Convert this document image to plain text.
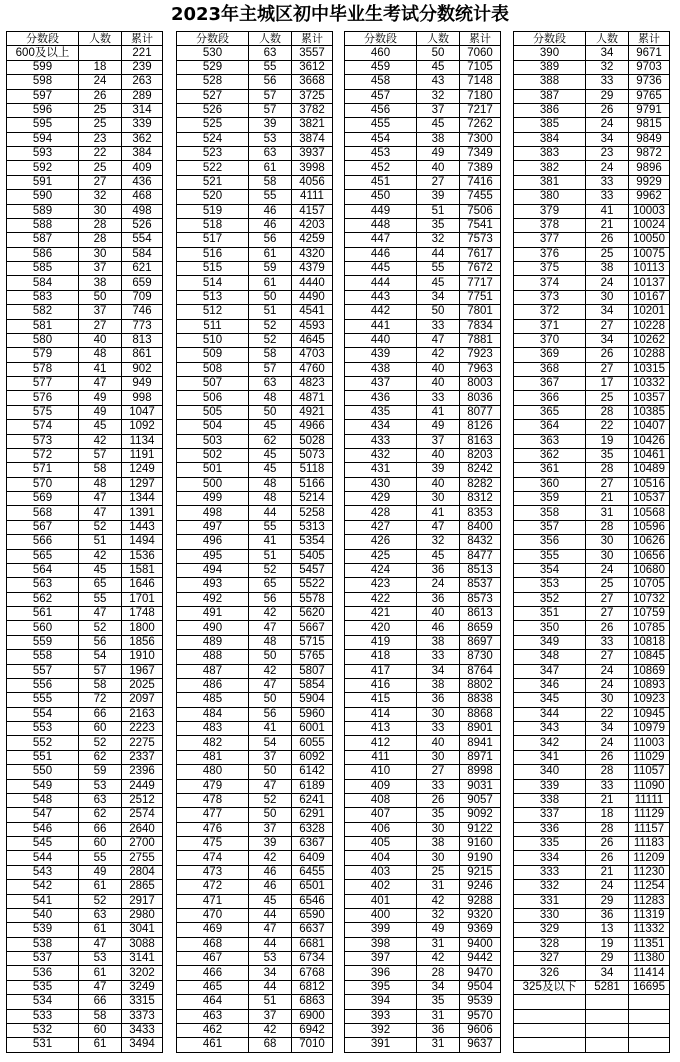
2023年主城区初中毕业生考试分数统计表
分数段	人数	累计
600及以上		221
599	18	239
598	24	263
597	26	289
596	25	314
595	25	339
594	23	362
593	22	384
592	25	409
591	27	436
590	32	468
589	30	498
588	28	526
587	28	554
586	30	584
585	37	621
584	38	659
583	50	709
582	37	746
581	27	773
580	40	813
579	48	861
578	41	902
577	47	949
576	49	998
575	49	1047
574	45	1092
573	42	1134
572	57	1191
571	58	1249
570	48	1297
569	47	1344
568	47	1391
567	52	1443
566	51	1494
565	42	1536
564	45	1581
563	65	1646
562	55	1701
561	47	1748
560	52	1800
559	56	1856
558	54	1910
557	57	1967
556	58	2025
555	72	2097
554	66	2163
553	60	2223
552	52	2275
551	62	2337
550	59	2396
549	53	2449
548	63	2512
547	62	2574
546	66	2640
545	60	2700
544	55	2755
543	49	2804
542	61	2865
541	52	2917
540	63	2980
539	61	3041
538	47	3088
537	53	3141
536	61	3202
535	47	3249
534	66	3315
533	58	3373
532	60	3433
531	61	3494
分数段	人数	累计
530	63	3557
529	55	3612
528	56	3668
527	57	3725
526	57	3782
525	39	3821
524	53	3874
523	63	3937
522	61	3998
521	58	4056
520	55	4111
519	46	4157
518	46	4203
517	56	4259
516	61	4320
515	59	4379
514	61	4440
513	50	4490
512	51	4541
511	52	4593
510	52	4645
509	58	4703
508	57	4760
507	63	4823
506	48	4871
505	50	4921
504	45	4966
503	62	5028
502	45	5073
501	45	5118
500	48	5166
499	48	5214
498	44	5258
497	55	5313
496	41	5354
495	51	5405
494	52	5457
493	65	5522
492	56	5578
491	42	5620
490	47	5667
489	48	5715
488	50	5765
487	42	5807
486	47	5854
485	50	5904
484	56	5960
483	41	6001
482	54	6055
481	37	6092
480	50	6142
479	47	6189
478	52	6241
477	50	6291
476	37	6328
475	39	6367
474	42	6409
473	46	6455
472	46	6501
471	45	6546
470	44	6590
469	47	6637
468	44	6681
467	53	6734
466	34	6768
465	44	6812
464	51	6863
463	37	6900
462	42	6942
461	68	7010
分数段	人数	累计
460	50	7060
459	45	7105
458	43	7148
457	32	7180
456	37	7217
455	45	7262
454	38	7300
453	49	7349
452	40	7389
451	27	7416
450	39	7455
449	51	7506
448	35	7541
447	32	7573
446	44	7617
445	55	7672
444	45	7717
443	34	7751
442	50	7801
441	33	7834
440	47	7881
439	42	7923
438	40	7963
437	40	8003
436	33	8036
435	41	8077
434	49	8126
433	37	8163
432	40	8203
431	39	8242
430	40	8282
429	30	8312
428	41	8353
427	47	8400
426	32	8432
425	45	8477
424	36	8513
423	24	8537
422	36	8573
421	40	8613
420	46	8659
419	38	8697
418	33	8730
417	34	8764
416	38	8802
415	36	8838
414	30	8868
413	33	8901
412	40	8941
411	30	8971
410	27	8998
409	33	9031
408	26	9057
407	35	9092
406	30	9122
405	38	9160
404	30	9190
403	25	9215
402	31	9246
401	42	9288
400	32	9320
399	49	9369
398	31	9400
397	42	9442
396	28	9470
395	34	9504
394	35	9539
393	31	9570
392	36	9606
391	31	9637
分数段	人数	累计
390	34	9671
389	32	9703
388	33	9736
387	29	9765
386	26	9791
385	24	9815
384	34	9849
383	23	9872
382	24	9896
381	33	9929
380	33	9962
379	41	10003
378	21	10024
377	26	10050
376	25	10075
375	38	10113
374	24	10137
373	30	10167
372	34	10201
371	27	10228
370	34	10262
369	26	10288
368	27	10315
367	17	10332
366	25	10357
365	28	10385
364	22	10407
363	19	10426
362	35	10461
361	28	10489
360	27	10516
359	21	10537
358	31	10568
357	28	10596
356	30	10626
355	30	10656
354	24	10680
353	25	10705
352	27	10732
351	27	10759
350	26	10785
349	33	10818
348	27	10845
347	24	10869
346	24	10893
345	30	10923
344	22	10945
343	34	10979
342	24	11003
341	26	11029
340	28	11057
339	33	11090
338	21	11111
337	18	11129
336	28	11157
335	26	11183
334	26	11209
333	21	11230
332	24	11254
331	29	11283
330	36	11319
329	13	11332
328	19	11351
327	29	11380
326	34	11414
325及以下	5281	16695
